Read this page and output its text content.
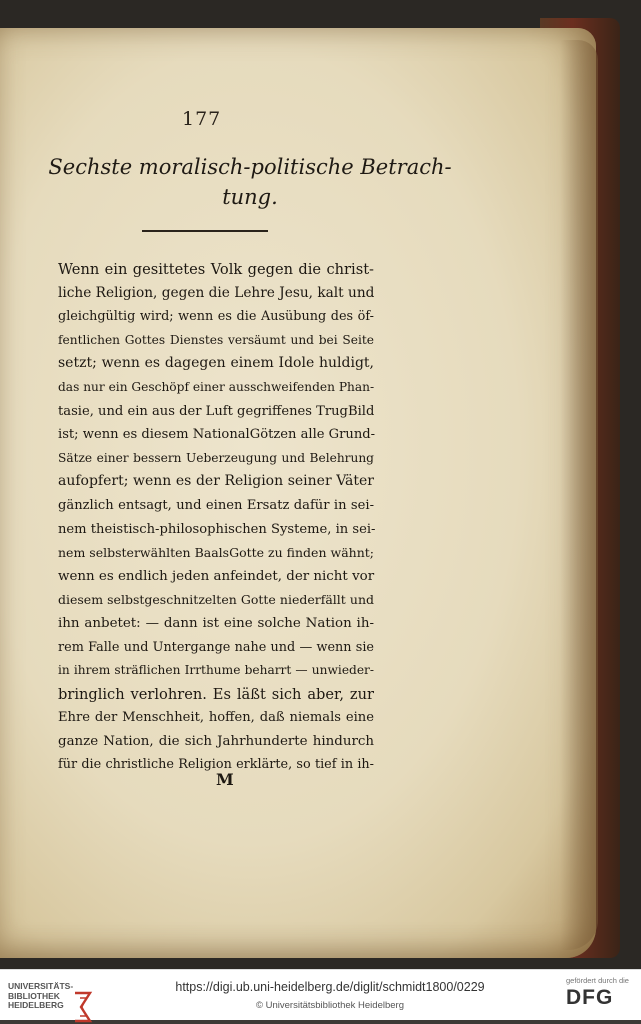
177
Sechste moralisch-politische Betrach-
tung.
Wenn ein gesittetes Volk gegen die christ-
liche Religion, gegen die Lehre Jesu, kalt und
gleichgültig wird; wenn es die Ausübung des öf-
fentlichen Gottes Dienstes versäumt und bei Seite
setzt; wenn es dagegen einem Idole huldigt,
das nur ein Geschöpf einer ausschweifenden Phan-
tasie, und ein aus der Luft gegriffenes TrugBild
ist; wenn es diesem NationalGötzen alle Grund-
Sätze einer bessern Ueberzeugung und Belehrung
aufopfert; wenn es der Religion seiner Väter
gänzlich entsagt, und einen Ersatz dafür in sei-
nem theistisch-philosophischen Systeme, in sei-
nem selbsterwählten BaalsGotte zu finden wähnt;
wenn es endlich jeden anfeindet, der nicht vor
diesem selbstgeschnitzelten Gotte niederfällt und
ihn anbetet: — dann ist eine solche Nation ih-
rem Falle und Untergange nahe und — wenn sie
in ihrem sträflichen Irrthume beharrt — unwieder-
bringlich verlohren. Es läßt sich aber, zur
Ehre der Menschheit, hoffen, daß niemals eine
ganze Nation, die sich Jahrhunderte hindurch
für die christliche Religion erklärte, so tief in ih-
M
UNIVERSITÄTS-
BIBLIOTHEK
HEIDELBERG
https://digi.ub.uni-heidelberg.de/diglit/schmidt1800/0229
© Universitätsbibliothek Heidelberg
gefördert durch die
DFG
